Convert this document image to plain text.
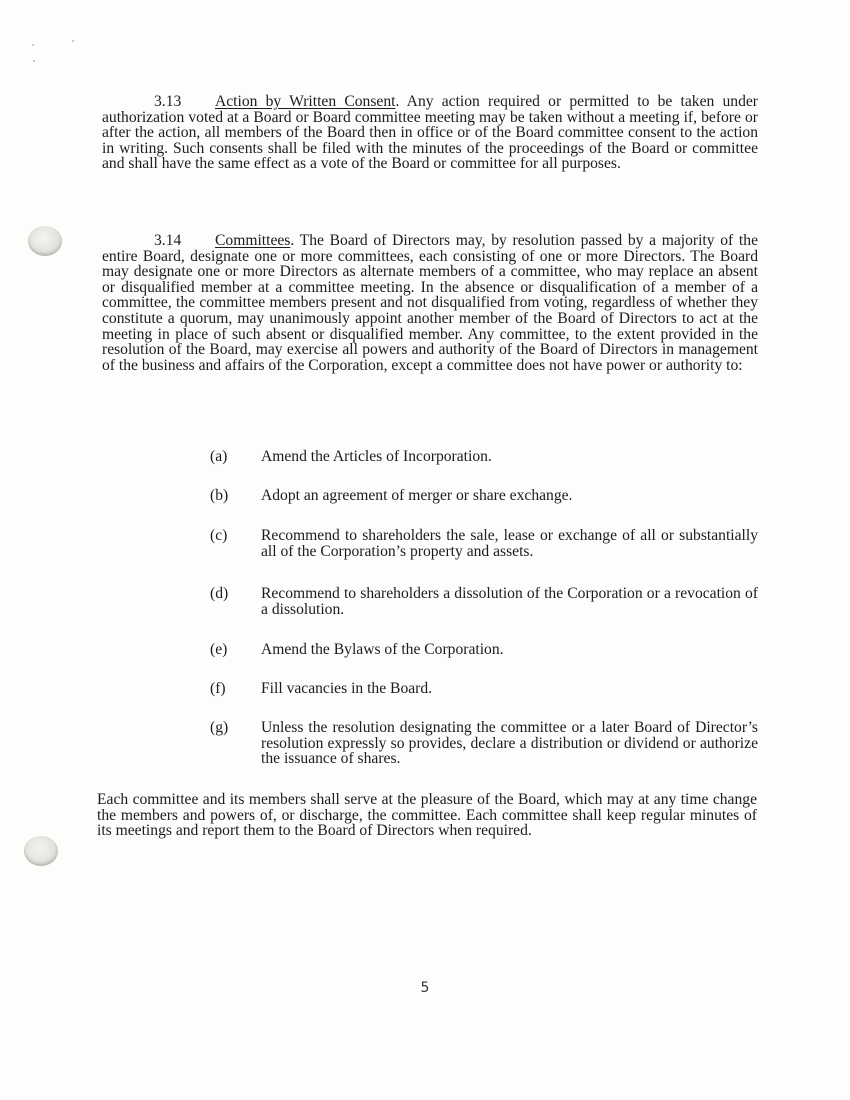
3.13 Action by Written Consent. Any action required or permitted to be taken under authorization voted at a Board or Board committee meeting may be taken without a meeting if, before or after the action, all members of the Board then in office or of the Board committee consent to the action in writing. Such consents shall be filed with the minutes of the proceedings of the Board or committee and shall have the same effect as a vote of the Board or committee for all purposes.

3.14 Committees. The Board of Directors may, by resolution passed by a majority of the entire Board, designate one or more committees, each consisting of one or more Directors. The Board may designate one or more Directors as alternate members of a committee, who may replace an absent or disqualified member at a committee meeting. In the absence or disqualification of a member of a committee, the committee members present and not disqualified from voting, regardless of whether they constitute a quorum, may unanimously appoint another member of the Board of Directors to act at the meeting in place of such absent or disqualified member. Any committee, to the extent provided in the resolution of the Board, may exercise all powers and authority of the Board of Directors in management of the business and affairs of the Corporation, except a committee does not have power or authority to:

(a)	Amend the Articles of Incorporation.
(b)	Adopt an agreement of merger or share exchange.
(c)	Recommend to shareholders the sale, lease or exchange of all or substantially all of the Corporation’s property and assets.
(d)	Recommend to shareholders a dissolution of the Corporation or a revocation of a dissolution.
(e)	Amend the Bylaws of the Corporation.
(f)	Fill vacancies in the Board.
(g)	Unless the resolution designating the committee or a later Board of Director’s resolution expressly so provides, declare a distribution or dividend or authorize the issuance of shares.
Each committee and its members shall serve at the pleasure of the Board, which may at any time change the members and powers of, or discharge, the committee. Each committee shall keep regular minutes of its meetings and report them to the Board of Directors when required.
5
